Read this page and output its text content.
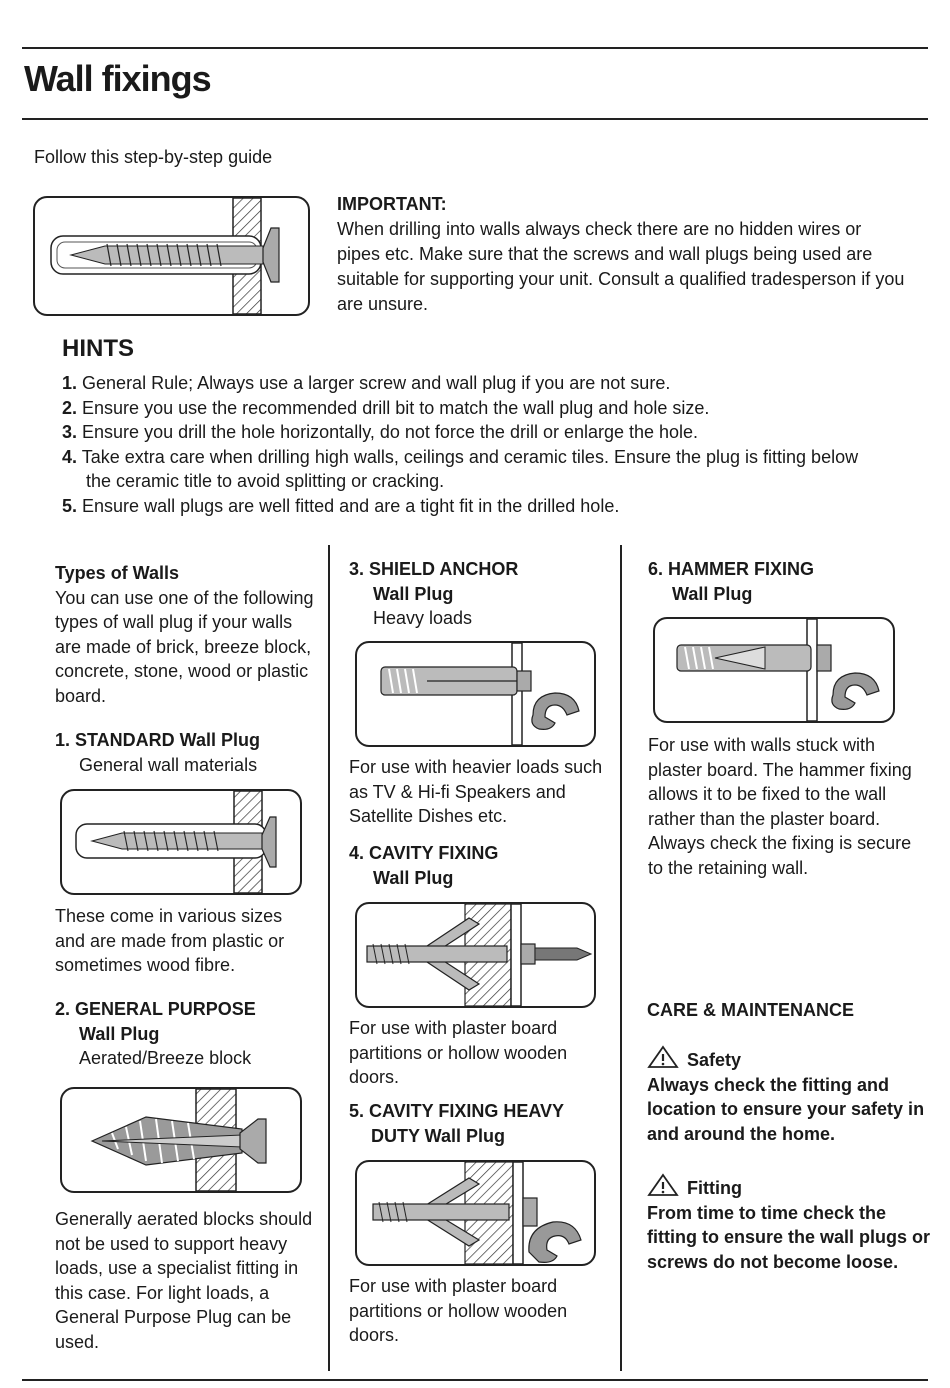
Wall fixings
Follow this step-by-step guide
IMPORTANT:
When drilling into walls always check there are no hidden wires or pipes etc. Make sure that the screws and wall plugs being used are suitable for supporting your unit. Consult a qualified tradesperson if you are unsure.
HINTS
1. General Rule; Always use a larger screw and wall plug if you are not sure.
2. Ensure you use the recommended drill bit to match the wall plug and hole size.
3. Ensure you drill the hole horizontally, do not force the drill or enlarge the hole.
4. Take extra care when drilling high walls, ceilings and ceramic tiles. Ensure the plug is fitting below
the ceramic title to avoid splitting or cracking.
5. Ensure wall plugs are well fitted and are a tight fit in the drilled hole.
Types of Walls
You can use one of the following types of wall plug if your walls are made of brick, breeze block, concrete, stone, wood or plastic board.
1. STANDARD Wall Plug
General wall materials
These come in various sizes and are made from plastic or sometimes wood fibre.
2. GENERAL PURPOSE
Wall Plug
Aerated/Breeze block
Generally aerated blocks should not be used to support heavy loads, use a specialist fitting in this case. For light loads, a General Purpose Plug can be used.
3. SHIELD ANCHOR
Wall Plug
Heavy loads
For use with heavier loads such as TV & Hi-fi Speakers and Satellite Dishes etc.
4. CAVITY FIXING
Wall Plug
For use with plaster board partitions or hollow wooden doors.
5. CAVITY FIXING HEAVY
DUTY Wall Plug
For use with plaster board partitions or hollow wooden doors.
6. HAMMER FIXING
Wall Plug
For use with walls stuck with plaster board. The hammer fixing allows it to be fixed to the wall rather than the plaster board. Always check the fixing is secure to the retaining wall.
CARE & MAINTENANCE
Safety
Always check the fitting and location to ensure your safety in and around the home.
Fitting
From time to time check the fitting to ensure the wall plugs or screws do not become loose.
